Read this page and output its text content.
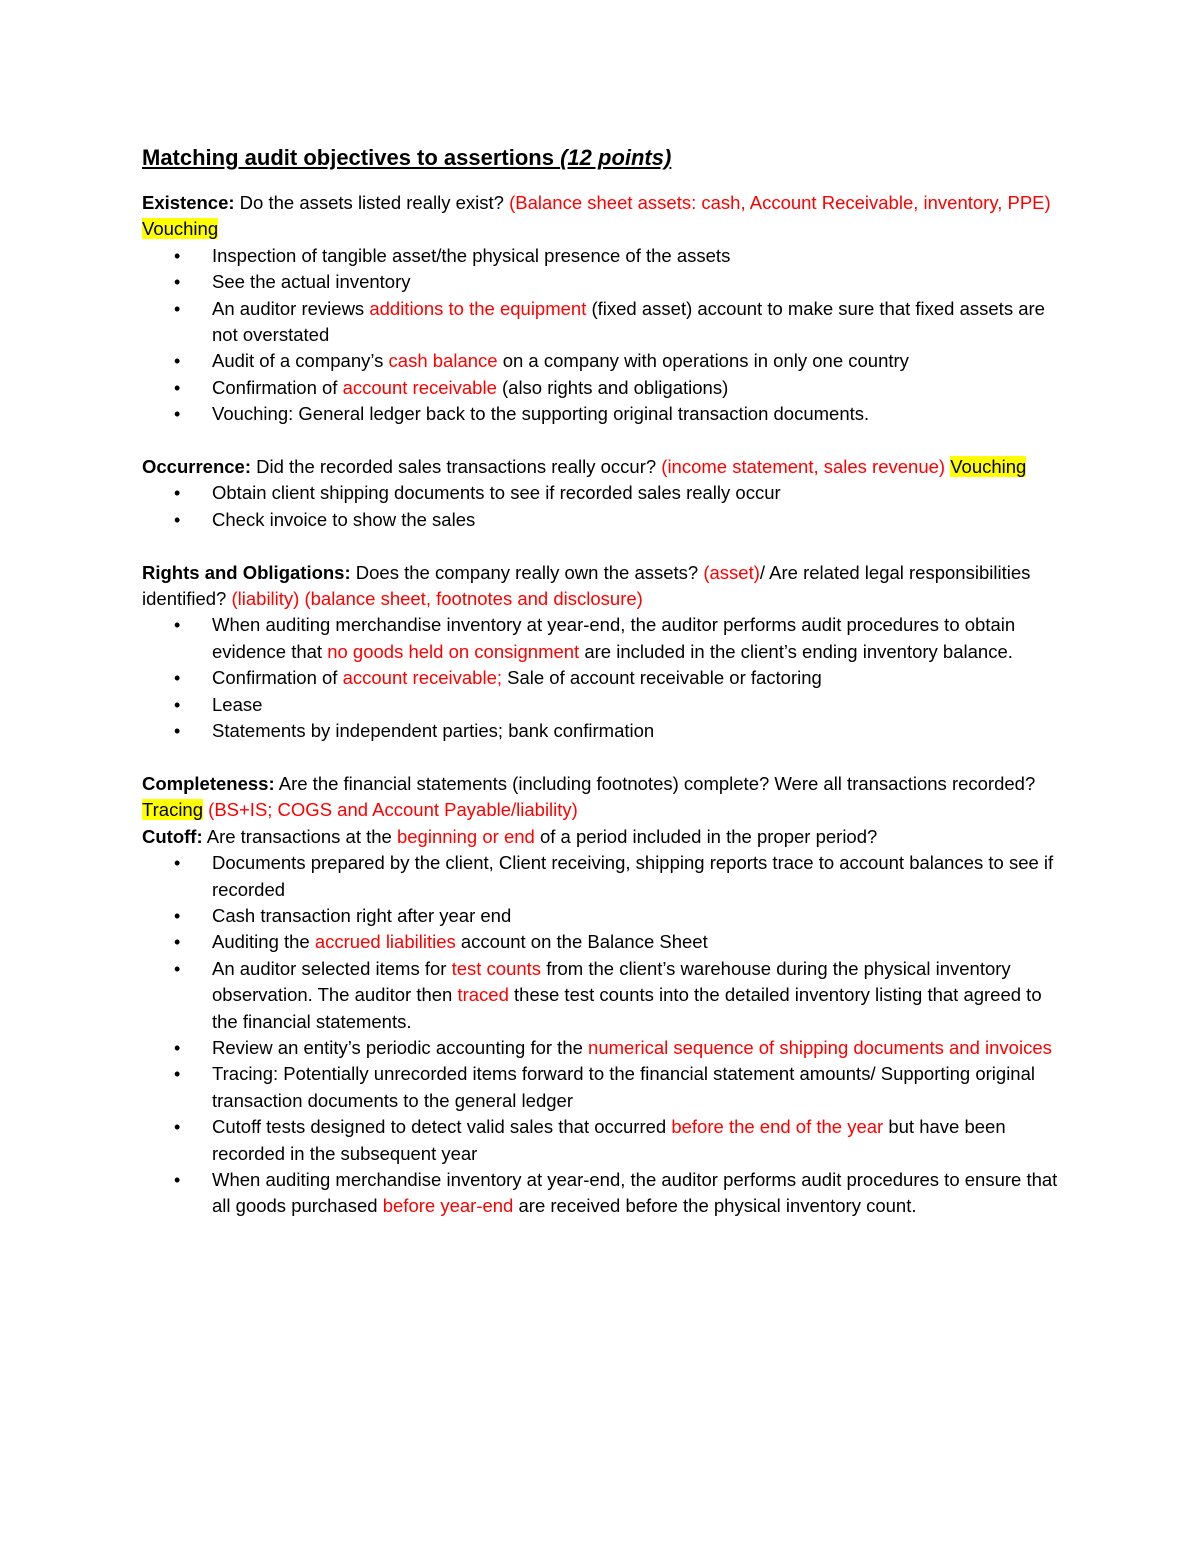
Matching audit objectives to assertions (12 points)
Existence: Do the assets listed really exist? (Balance sheet assets: cash, Account Receivable, inventory, PPE) Vouching
• Inspection of tangible asset/the physical presence of the assets
• See the actual inventory
• An auditor reviews additions to the equipment (fixed asset) account to make sure that fixed assets are not overstated
• Audit of a company’s cash balance on a company with operations in only one country
• Confirmation of account receivable (also rights and obligations)
• Vouching: General ledger back to the supporting original transaction documents.
Occurrence: Did the recorded sales transactions really occur? (income statement, sales revenue) Vouching
• Obtain client shipping documents to see if recorded sales really occur
• Check invoice to show the sales
Rights and Obligations: Does the company really own the assets? (asset)/ Are related legal responsibilities identified? (liability) (balance sheet, footnotes and disclosure)
• When auditing merchandise inventory at year-end, the auditor performs audit procedures to obtain evidence that no goods held on consignment are included in the client’s ending inventory balance.
• Confirmation of account receivable; Sale of account receivable or factoring
• Lease
• Statements by independent parties; bank confirmation
Completeness: Are the financial statements (including footnotes) complete? Were all transactions recorded? Tracing (BS+IS; COGS and Account Payable/liability)
Cutoff: Are transactions at the beginning or end of a period included in the proper period?
• Documents prepared by the client, Client receiving, shipping reports trace to account balances to see if recorded
• Cash transaction right after year end
• Auditing the accrued liabilities account on the Balance Sheet
• An auditor selected items for test counts from the client’s warehouse during the physical inventory observation. The auditor then traced these test counts into the detailed inventory listing that agreed to the financial statements.
• Review an entity’s periodic accounting for the numerical sequence of shipping documents and invoices
• Tracing: Potentially unrecorded items forward to the financial statement amounts/ Supporting original transaction documents to the general ledger
• Cutoff tests designed to detect valid sales that occurred before the end of the year but have been recorded in the subsequent year
• When auditing merchandise inventory at year-end, the auditor performs audit procedures to ensure that all goods purchased before year-end are received before the physical inventory count.
